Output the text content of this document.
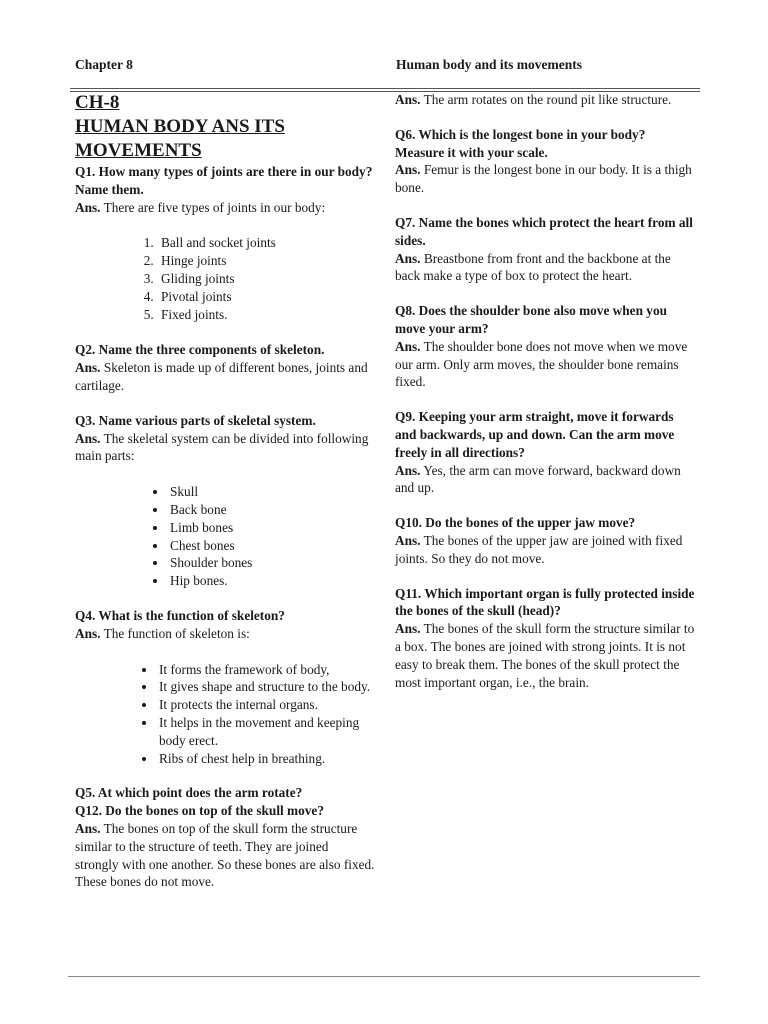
Chapter 8	Human body and its movements
CH-8
HUMAN BODY ANS ITS
MOVEMENTS
Q1. How many types of joints are there in our body? Name them.
Ans. There are five types of joints in our body:
1. Ball and socket joints
2. Hinge joints
3. Gliding joints
4. Pivotal joints
5. Fixed joints.
Q2. Name the three components of skeleton.
Ans. Skeleton is made up of different bones, joints and cartilage.
Q3. Name various parts of skeletal system.
Ans. The skeletal system can be divided into following main parts:
• Skull
• Back bone
• Limb bones
• Chest bones
• Shoulder bones
• Hip bones.
Q4. What is the function of skeleton?
Ans. The function of skeleton is:
• It forms the framework of body,
• It gives shape and structure to the body.
• It protects the internal organs.
• It helps in the movement and keeping body erect.
• Ribs of chest help in breathing.
Q5. At which point does the arm rotate?
Q12. Do the bones on top of the skull move?
Ans. The bones on top of the skull form the structure similar to the structure of teeth. They are joined strongly with one another. So these bones are also fixed. These bones do not move.
Ans. The arm rotates on the round pit like structure.
Q6. Which is the longest bone in your body? Measure it with your scale.
Ans. Femur is the longest bone in our body. It is a thigh bone.
Q7. Name the bones which protect the heart from all sides.
Ans. Breastbone from front and the backbone at the back make a type of box to protect the heart.
Q8. Does the shoulder bone also move when you move your arm?
Ans. The shoulder bone does not move when we move our arm. Only arm moves, the shoulder bone remains fixed.
Q9. Keeping your arm straight, move it forwards and backwards, up and down. Can the arm move freely in all directions?
Ans. Yes, the arm can move forward, backward down and up.
Q10. Do the bones of the upper jaw move?
Ans. The bones of the upper jaw are joined with fixed joints. So they do not move.
Q11. Which important organ is fully protected inside the bones of the skull (head)?
Ans. The bones of the skull form the structure similar to a box. The bones are joined with strong joints. It is not easy to break them. The bones of the skull protect the most important organ, i.e., the brain.
